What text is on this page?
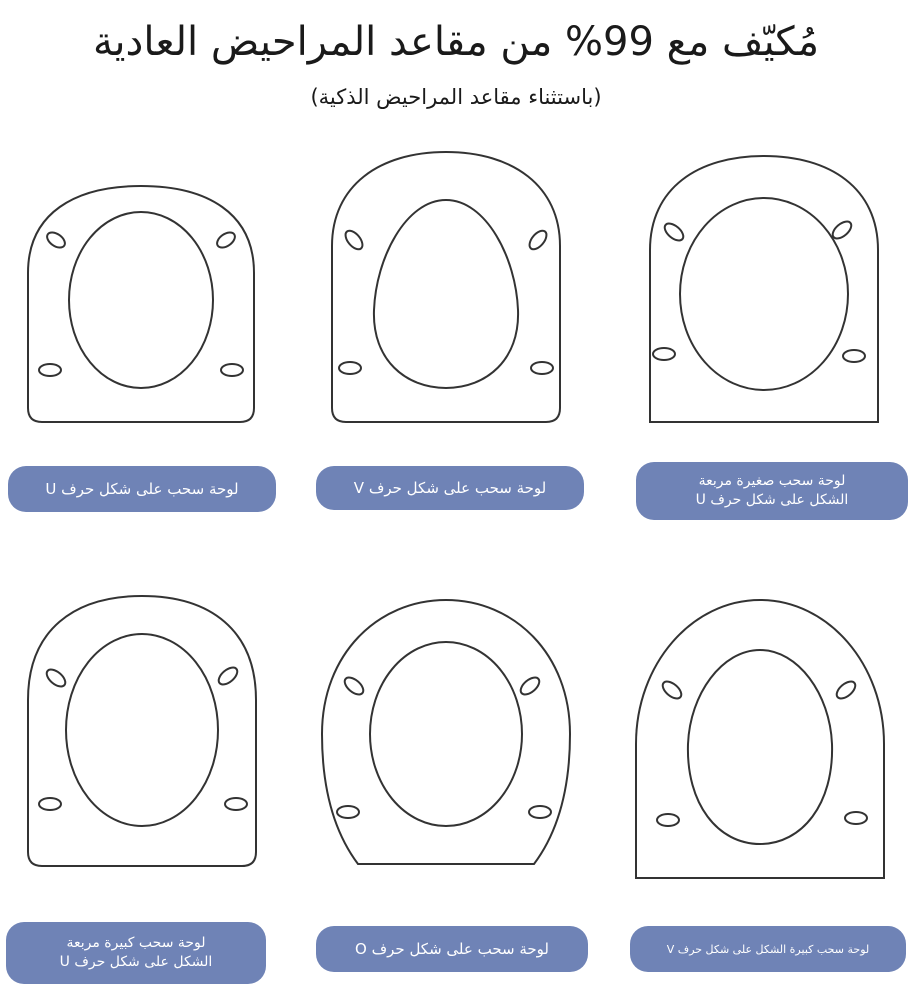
مُكيّف مع 99% من مقاعد المراحيض العادية
(باستثناء مقاعد المراحيض الذكية)
لوحة سحب على شكل حرف U	لوحة سحب على شكل حرف V	لوحة سحب صغيرة مربعة
الشكل على شكل حرف U
لوحة سحب كبيرة مربعة
الشكل على شكل حرف U
لوحة سحب على شكل حرف O	لوحة سحب كبيرة الشكل على شكل حرف V
